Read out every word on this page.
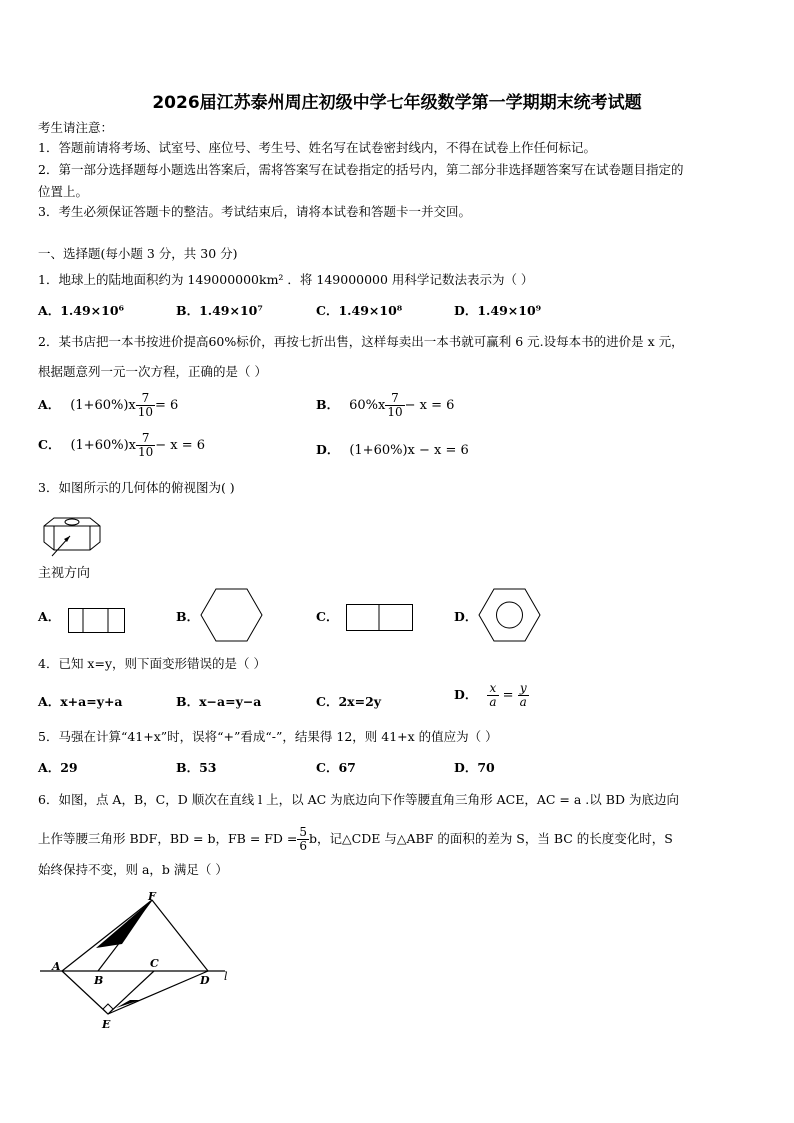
2026届江苏泰州周庄初级中学七年级数学第一学期期末统考试题
考生请注意：
1．答题前请将考场、试室号、座位号、考生号、姓名写在试卷密封线内，不得在试卷上作任何标记。
2．第一部分选择题每小题选出答案后，需将答案写在试卷指定的括号内，第二部分非选择题答案写在试卷题目指定的
位置上。
3．考生必须保证答题卡的整洁。考试结束后，请将本试卷和答题卡一并交回。
一、选择题(每小题 3 分，共 30 分)
1．地球上的陆地面积约为 149000000km² ．将 149000000 用科学记数法表示为（ ）
A．1.49×10⁶	B．1.49×10⁷	C．1.49×10⁸	D．1.49×10⁹
2．某书店把一本书按进价提高60%标价，再按七折出售，这样每卖出一本书就可赢利 6 元.设每本书的进价是 x 元，
根据题意列一元一次方程，正确的是（ ）
A． $(1+60\%)x \frac{7}{10} = 6$	B． $60\%x \frac{7}{10} - x = 6$
C． $(1+60\%)x \frac{7}{10} - x = 6$	D． (1+60%)x − x = 6
3．如图所示的几何体的俯视图为( )
主视方向
A．	B．	C．	D．
4．已知 x=y，则下面变形错误的是（ ）
A．x+a=y+a	B．x−a=y−a	C．2x=2y	D． $\frac{x}{a} = \frac{y}{a}$
5．马强在计算“41+x”时，误将“+”看成“-”，结果得 12，则 41+x 的值应为（ ）
A．29	B．53	C．67	D．70
6．如图，点 A，B，C，D 顺次在直线 l 上，以 AC 为底边向下作等腰直角三角形 ACE，AC = a .以 BD 为底边向
上作等腰三角形 BDF，BD = b，FB = FD = $\frac{5}{6}$ b，记△CDE 与△ABF 的面积的差为 S，当 BC 的长度变化时，S
始终保持不变，则 a，b 满足（ ）
F
A
B
C
D l
E
